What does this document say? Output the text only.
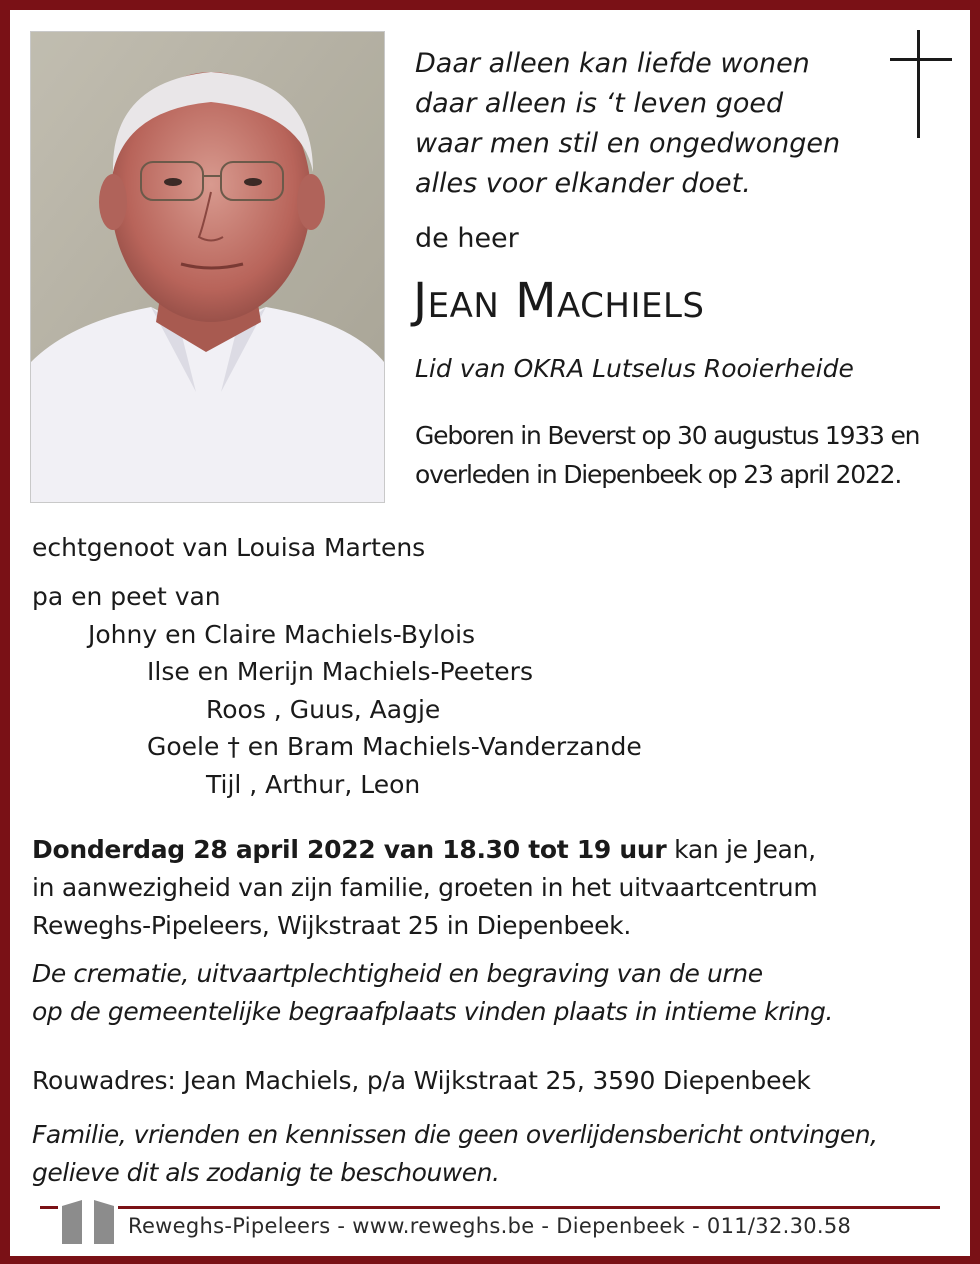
Daar alleen kan liefde wonen
daar alleen is ‘t leven goed
waar men stil en ongedwongen
alles voor elkander doet.
de heer
Jean Machiels
Lid van OKRA Lutselus Rooierheide
Geboren in Beverst op 30 augustus 1933 en
overleden in Diepenbeek op 23 april 2022.
echtgenoot van Louisa Martens
pa en peet van
Johny en Claire Machiels-Bylois
Ilse en Merijn Machiels-Peeters
Roos , Guus, Aagje
Goele † en Bram Machiels-Vanderzande
Tijl , Arthur, Leon
Donderdag 28 april 2022 van 18.30 tot 19 uur kan je Jean,
in aanwezigheid van zijn familie, groeten in het uitvaartcentrum
Reweghs-Pipeleers, Wijkstraat 25 in Diepenbeek.
De crematie, uitvaartplechtigheid en begraving van de urne
op de gemeentelijke begraafplaats vinden plaats in intieme kring.
Rouwadres: Jean Machiels, p/a Wijkstraat 25, 3590 Diepenbeek
Familie, vrienden en kennissen die geen overlijdensbericht ontvingen,
gelieve dit als zodanig te beschouwen.
Reweghs-Pipeleers - www.reweghs.be - Diepenbeek - 011/32.30.58
